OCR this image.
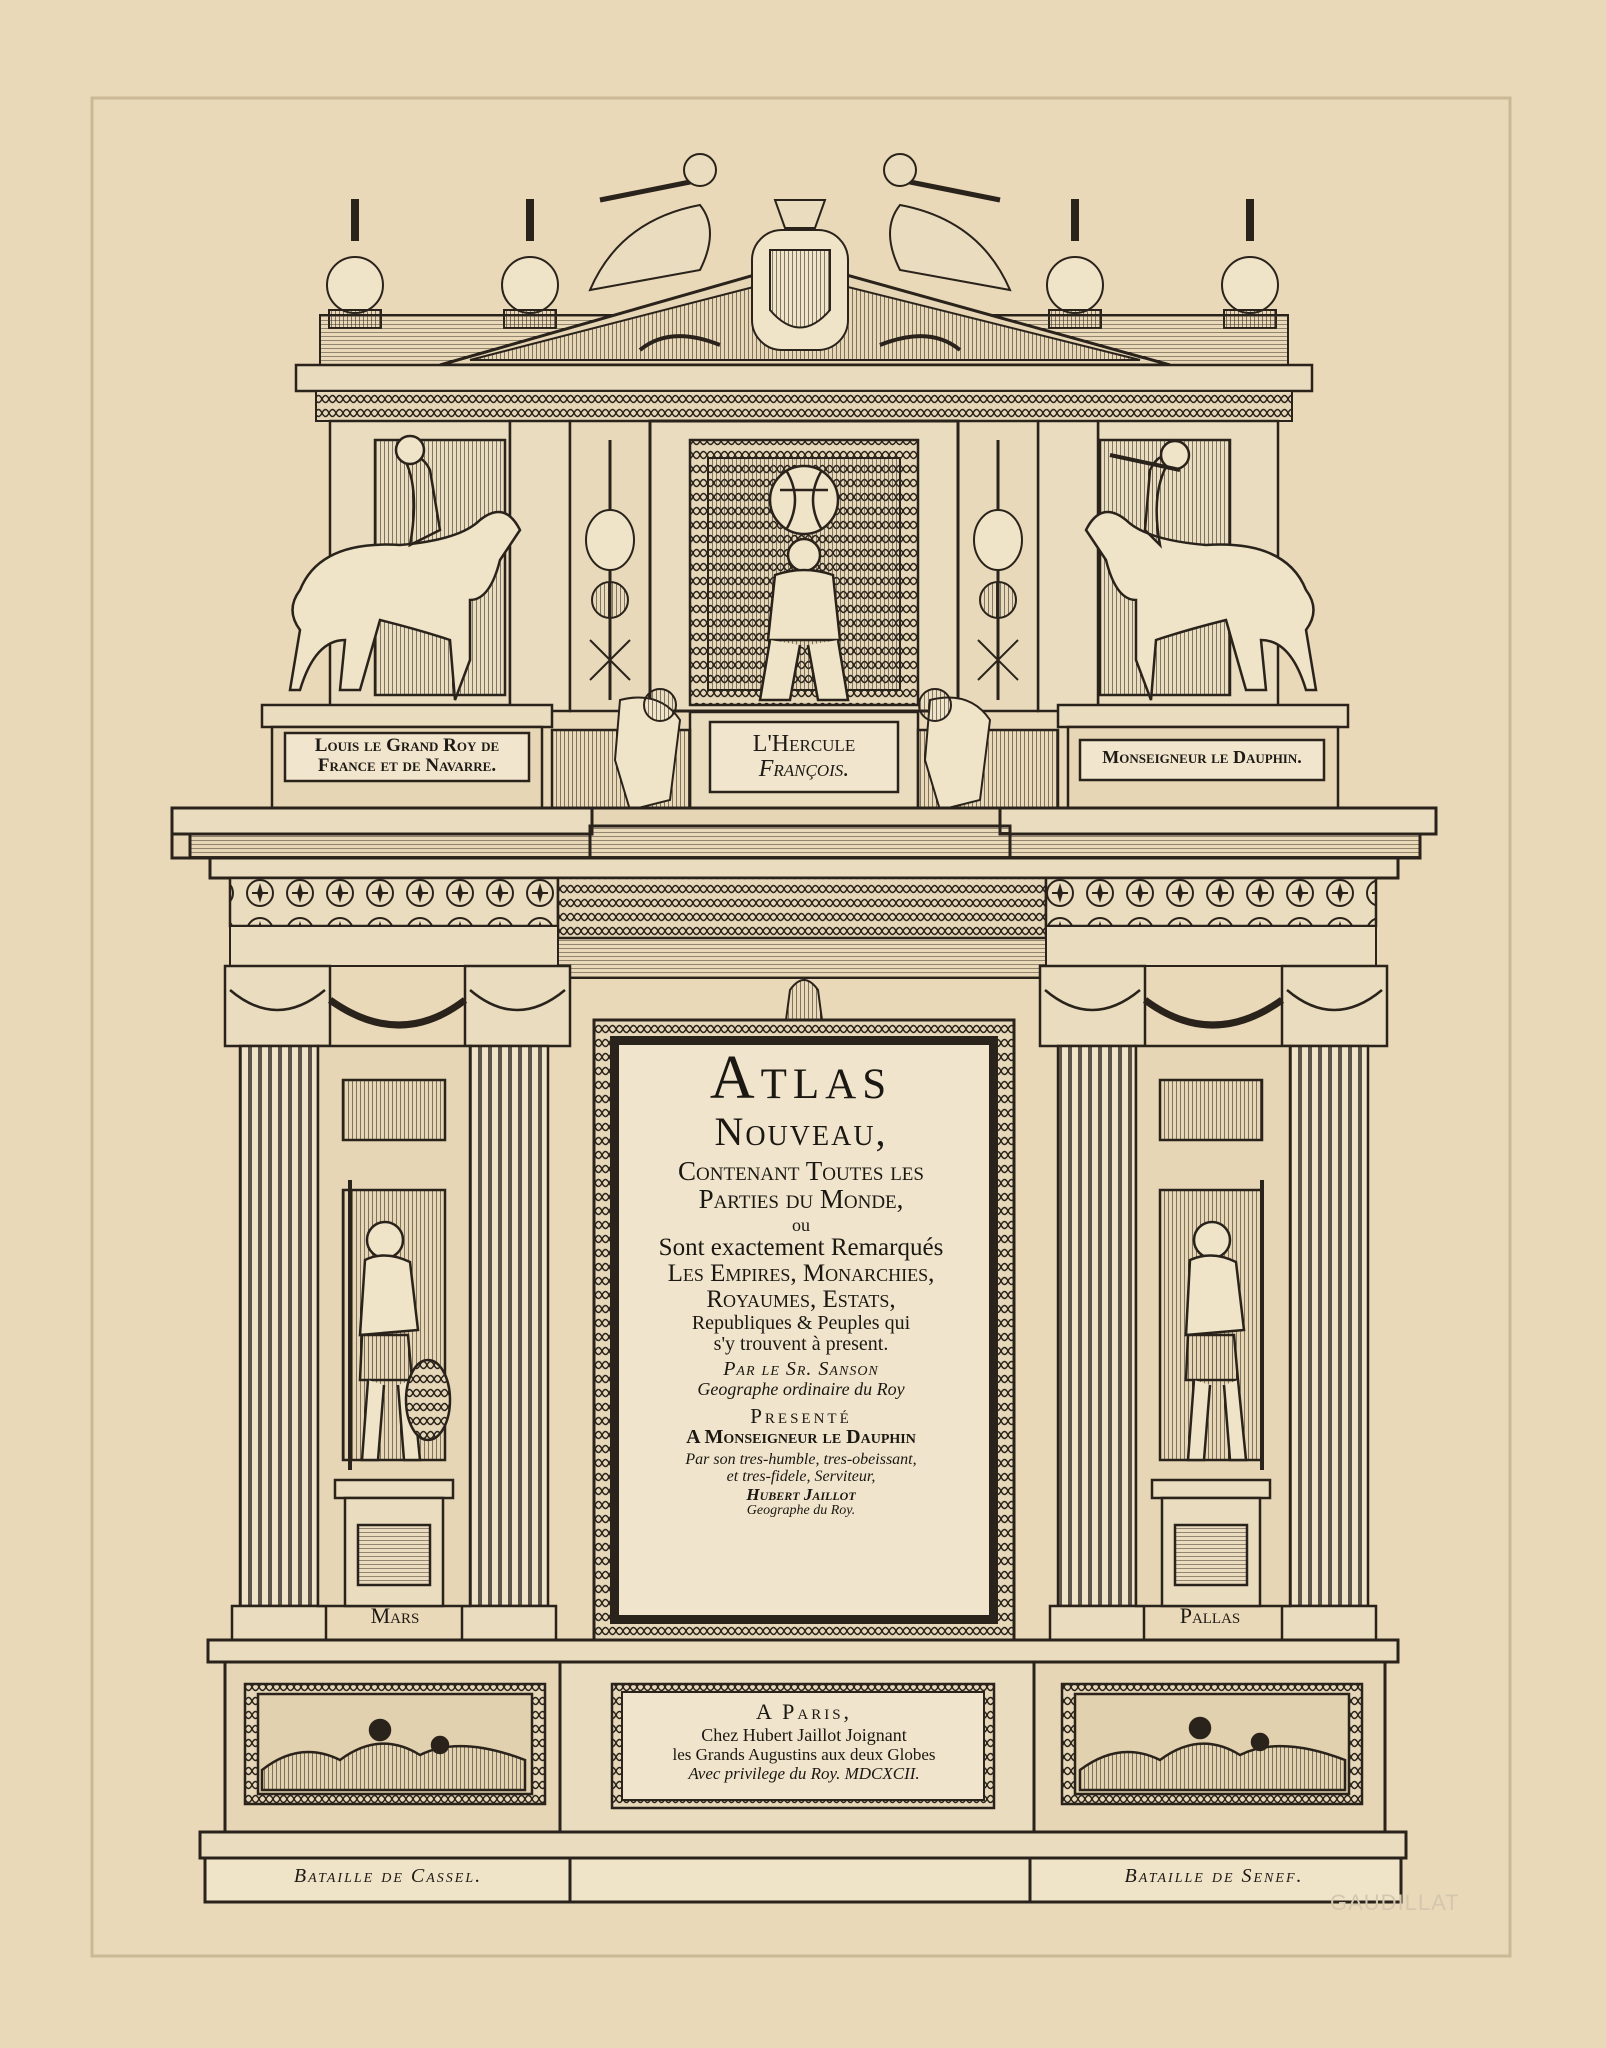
Louis le Grand Roy de
France et de Navarre.
L'Hercule
François.	Monseigneur le Dauphin.
Mars	Pallas
Bataille de Cassel.	Bataille de Senef.
Atlas
Nouveau,
Contenant Toutes les
Parties du Monde,
ou
Sont exactement Remarqués
Les Empires, Monarchies,
Royaumes, Estats,
Republiques & Peuples qui
s'y trouvent à present.
Par le Sr. Sanson
Geographe ordinaire du Roy
Presenté
A Monseigneur le Dauphin
Par son tres-humble, tres-obeissant,
et tres-fidele, Serviteur,
Hubert Jaillot
Geographe du Roy.
A Paris,
Chez Hubert Jaillot Joignant
les Grands Augustins aux deux Globes
Avec privilege du Roy. MDCXCII.
GAUDILLAT
